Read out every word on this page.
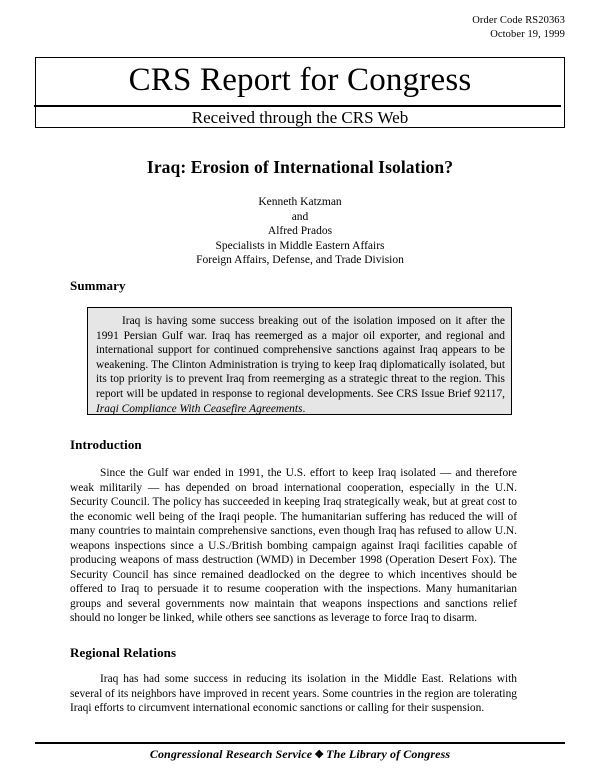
Order Code RS20363
October 19, 1999
CRS Report for Congress
Received through the CRS Web
Iraq: Erosion of International Isolation?
Kenneth Katzman
and
Alfred Prados
Specialists in Middle Eastern Affairs
Foreign Affairs, Defense, and Trade Division
Summary
Iraq is having some success breaking out of the isolation imposed on it after the 1991 Persian Gulf war. Iraq has reemerged as a major oil exporter, and regional and international support for continued comprehensive sanctions against Iraq appears to be weakening. The Clinton Administration is trying to keep Iraq diplomatically isolated, but its top priority is to prevent Iraq from reemerging as a strategic threat to the region. This report will be updated in response to regional developments. See CRS Issue Brief 92117, Iraqi Compliance With Ceasefire Agreements.
Introduction
Since the Gulf war ended in 1991, the U.S. effort to keep Iraq isolated — and therefore weak militarily — has depended on broad international cooperation, especially in the U.N. Security Council. The policy has succeeded in keeping Iraq strategically weak, but at great cost to the economic well being of the Iraqi people. The humanitarian suffering has reduced the will of many countries to maintain comprehensive sanctions, even though Iraq has refused to allow U.N. weapons inspections since a U.S./British bombing campaign against Iraqi facilities capable of producing weapons of mass destruction (WMD) in December 1998 (Operation Desert Fox). The Security Council has since remained deadlocked on the degree to which incentives should be offered to Iraq to persuade it to resume cooperation with the inspections. Many humanitarian groups and several governments now maintain that weapons inspections and sanctions relief should no longer be linked, while others see sanctions as leverage to force Iraq to disarm.
Regional Relations
Iraq has had some success in reducing its isolation in the Middle East. Relations with several of its neighbors have improved in recent years. Some countries in the region are tolerating Iraqi efforts to circumvent international economic sanctions or calling for their suspension.
Congressional Research Service ❖ The Library of Congress
